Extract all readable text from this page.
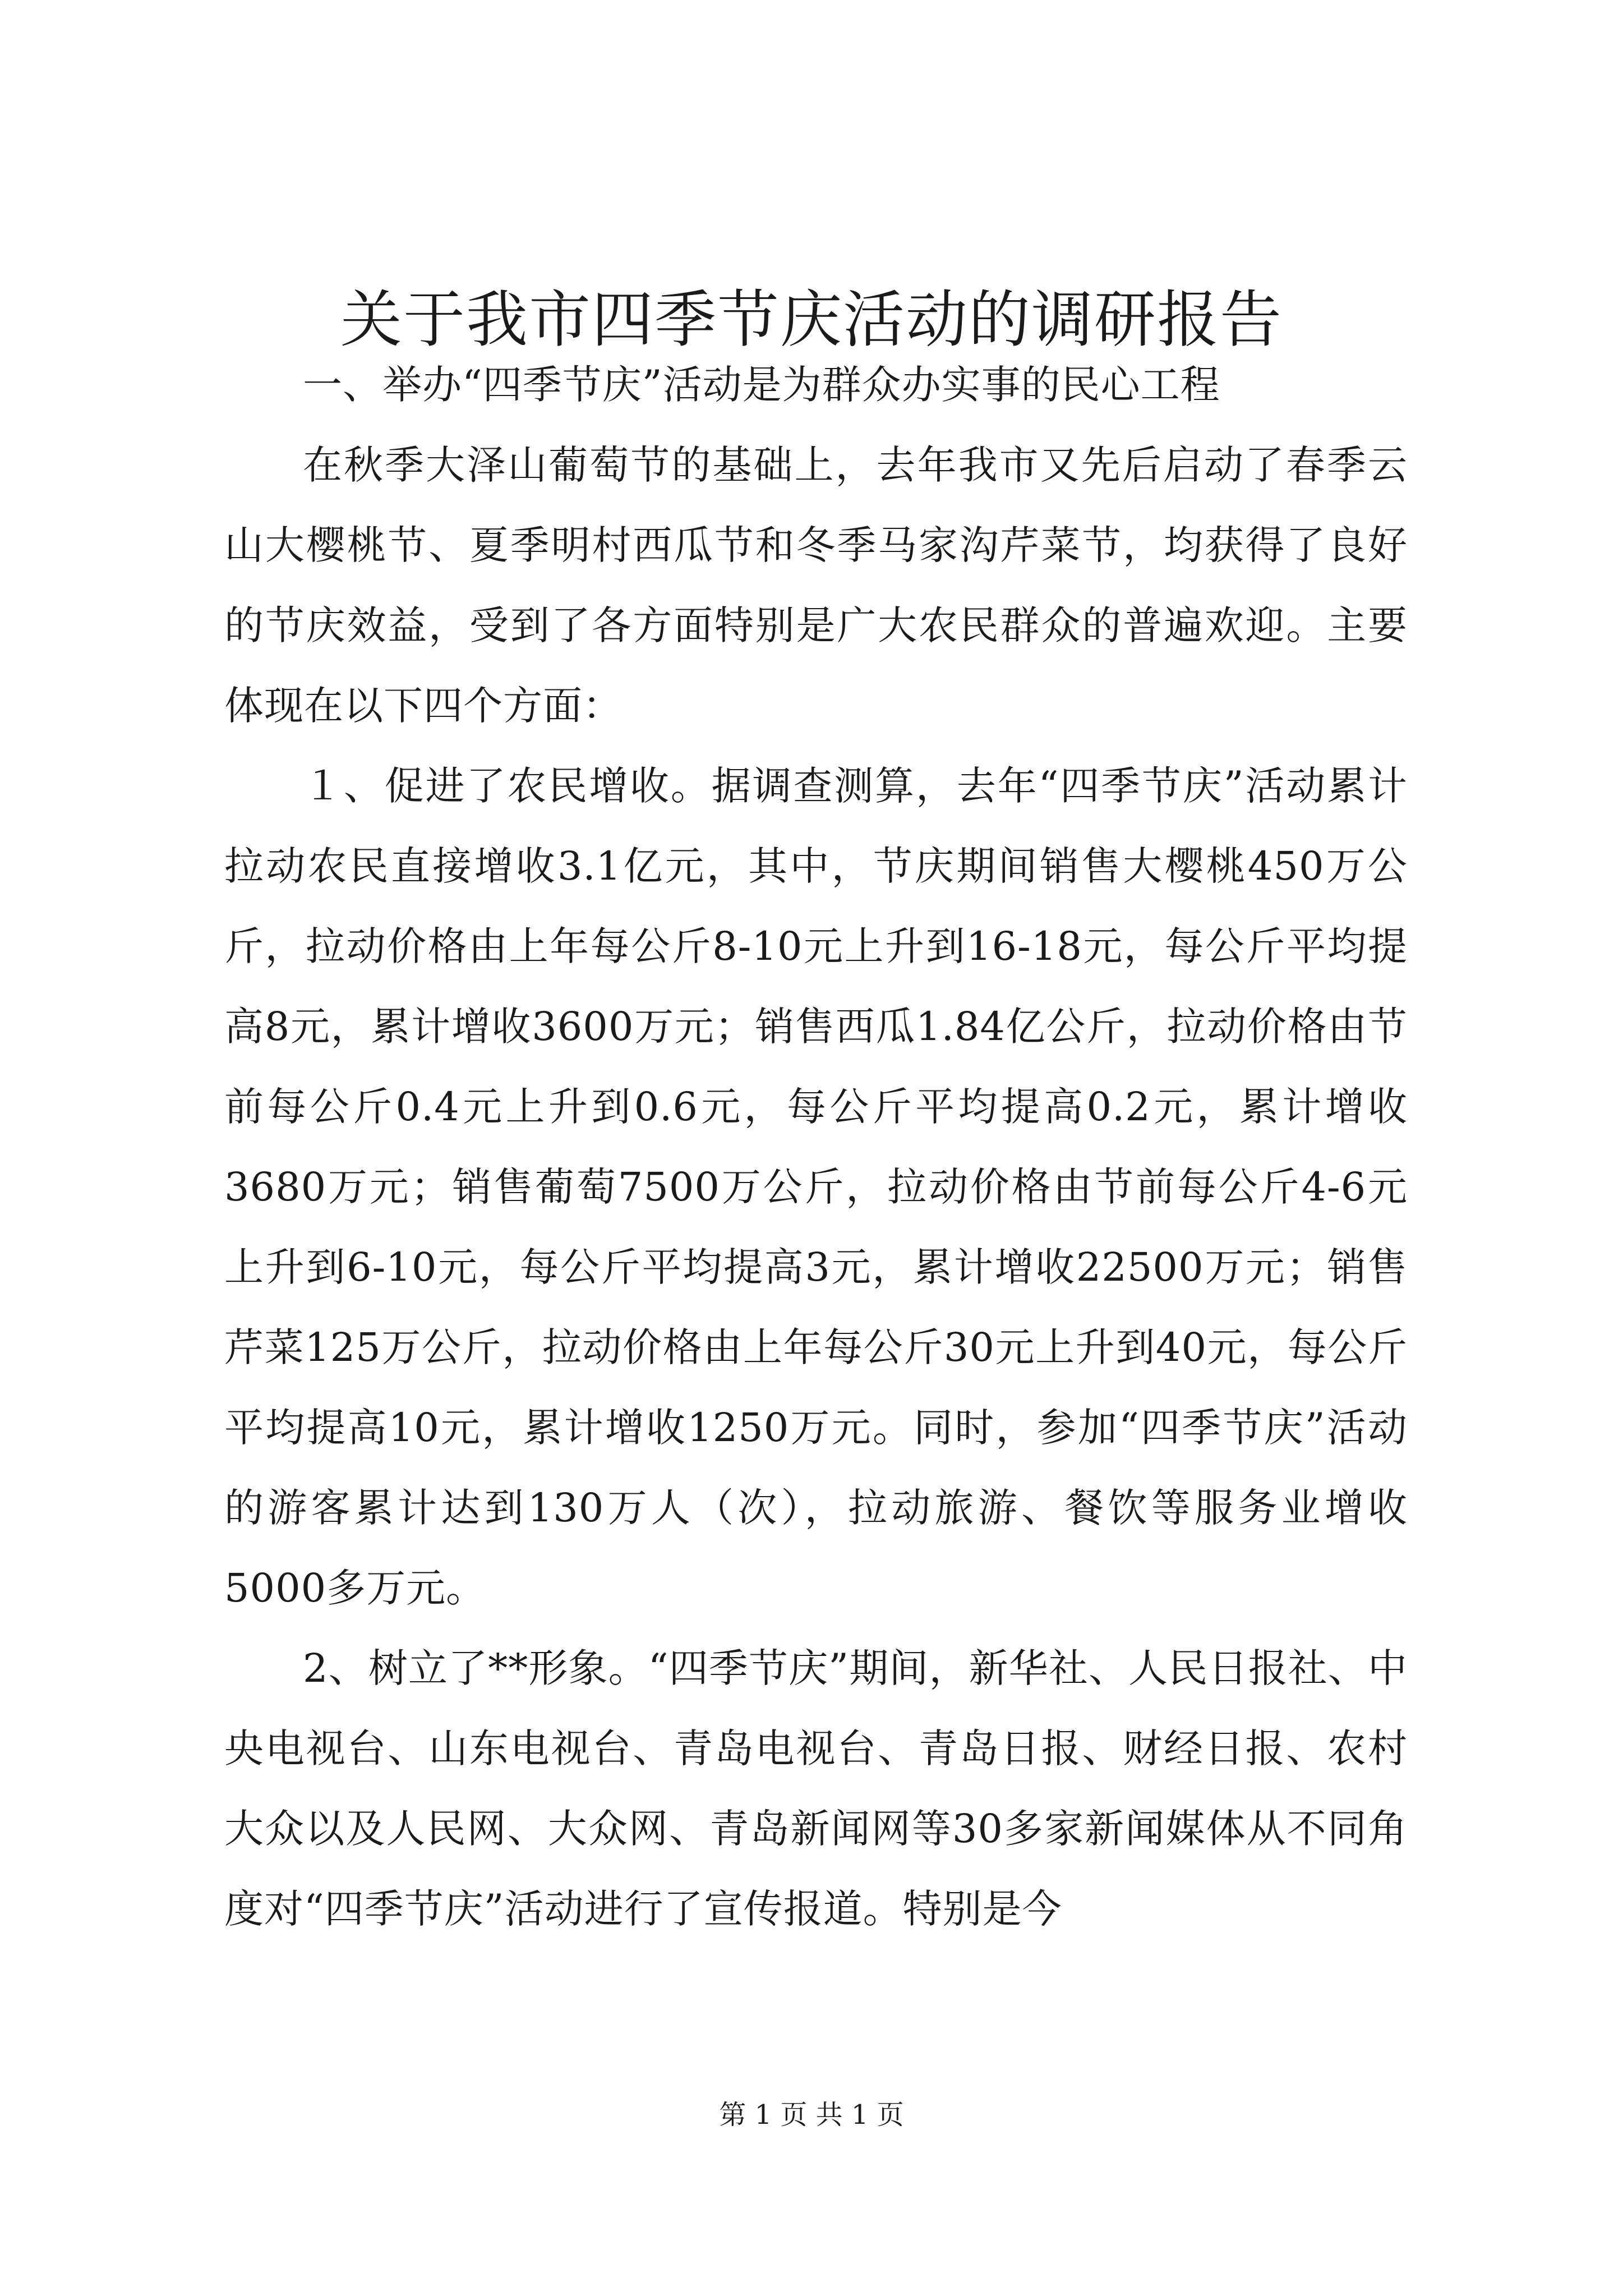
关于我市四季节庆活动的调研报告

一、举办“四季节庆”活动是为群众办实事的民心工程

在秋季大泽山葡萄节的基础上，去年我市又先后启动了春季云山大樱桃节、夏季明村西瓜节和冬季马家沟芹菜节，均获得了良好的节庆效益，受到了各方面特别是广大农民群众的普遍欢迎。主要体现在以下四个方面：

１、促进了农民增收。据调查测算，去年“四季节庆”活动累计拉动农民直接增收3.1亿元，其中，节庆期间销售大樱桃450万公斤，拉动价格由上年每公斤8-10元上升到16-18元，每公斤平均提高8元，累计增收3600万元；销售西瓜1.84亿公斤，拉动价格由节前每公斤0.4元上升到0.6元，每公斤平均提高0.2元，累计增收3680万元；销售葡萄7500万公斤，拉动价格由节前每公斤4-6元上升到6-10元，每公斤平均提高3元，累计增收22500万元；销售芹菜125万公斤，拉动价格由上年每公斤30元上升到40元，每公斤平均提高10元，累计增收1250万元。同时，参加“四季节庆”活动的游客累计达到130万人（次），拉动旅游、餐饮等服务业增收5000多万元。

2、树立了**形象。“四季节庆”期间，新华社、人民日报社、中央电视台、山东电视台、青岛电视台、青岛日报、财经日报、农村大众以及人民网、大众网、青岛新闻网等30多家新闻媒体从不同角度对“四季节庆”活动进行了宣传报道。特别是今

第 1 页 共 1 页
